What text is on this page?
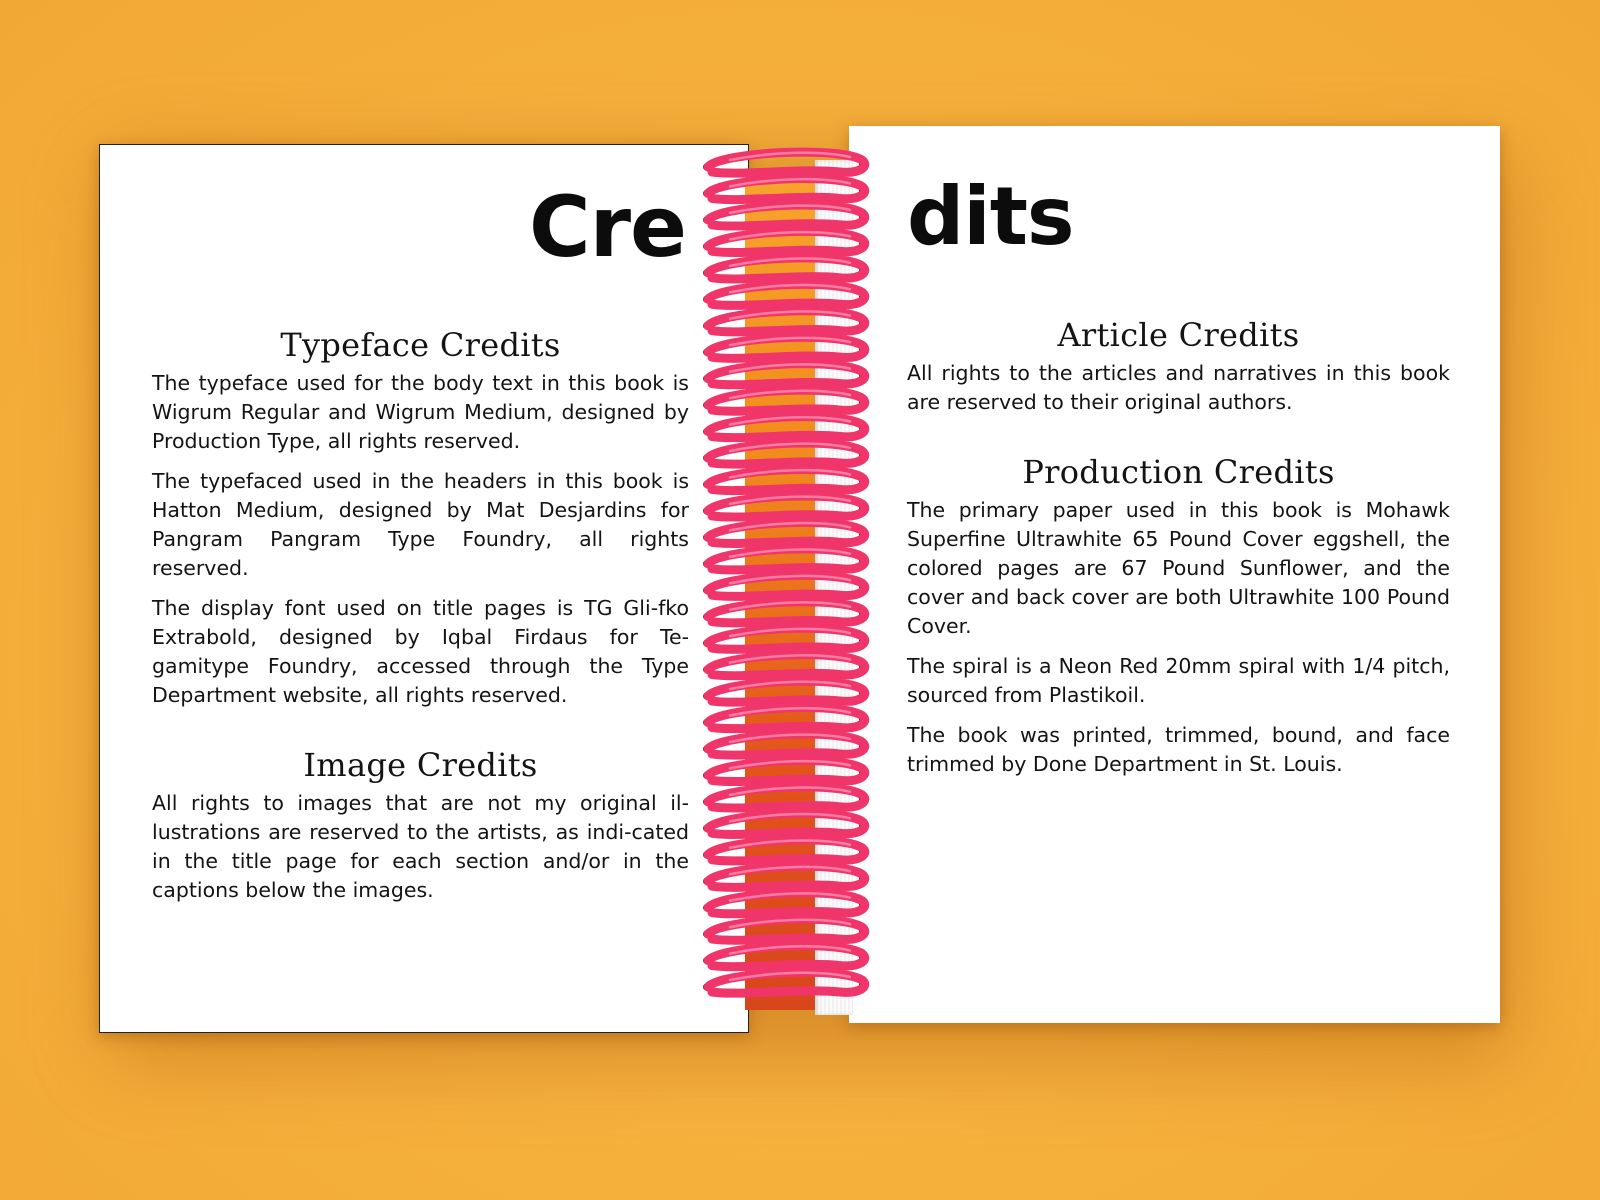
Cre	dits
Typeface Credits

The typeface used for the body text in this book is Wigrum Regular and Wigrum Medium, designed by Production Type, all rights reserved.

The typefaced used in the headers in this book is Hatton Medium, designed by Mat Desjardins for Pangram Pangram Type Foundry, all rights reserved.

The display font used on title pages is TG Gli-fko Extrabold, designed by Iqbal Firdaus for Te-gamitype Foundry, accessed through the Type Department website, all rights reserved.

Image Credits

All rights to images that are not my original il-lustrations are reserved to the artists, as indi-cated in the title page for each section and/or in the captions below the images.

Article Credits

All rights to the articles and narratives in this book are reserved to their original authors.

Production Credits

The primary paper used in this book is Mohawk Superfine Ultrawhite 65 Pound Cover eggshell, the colored pages are 67 Pound Sunflower, and the cover and back cover are both Ultrawhite 100 Pound Cover.

The spiral is a Neon Red 20mm spiral with 1/4 pitch, sourced from Plastikoil.

The book was printed, trimmed, bound, and face trimmed by Done Department in St. Louis.
